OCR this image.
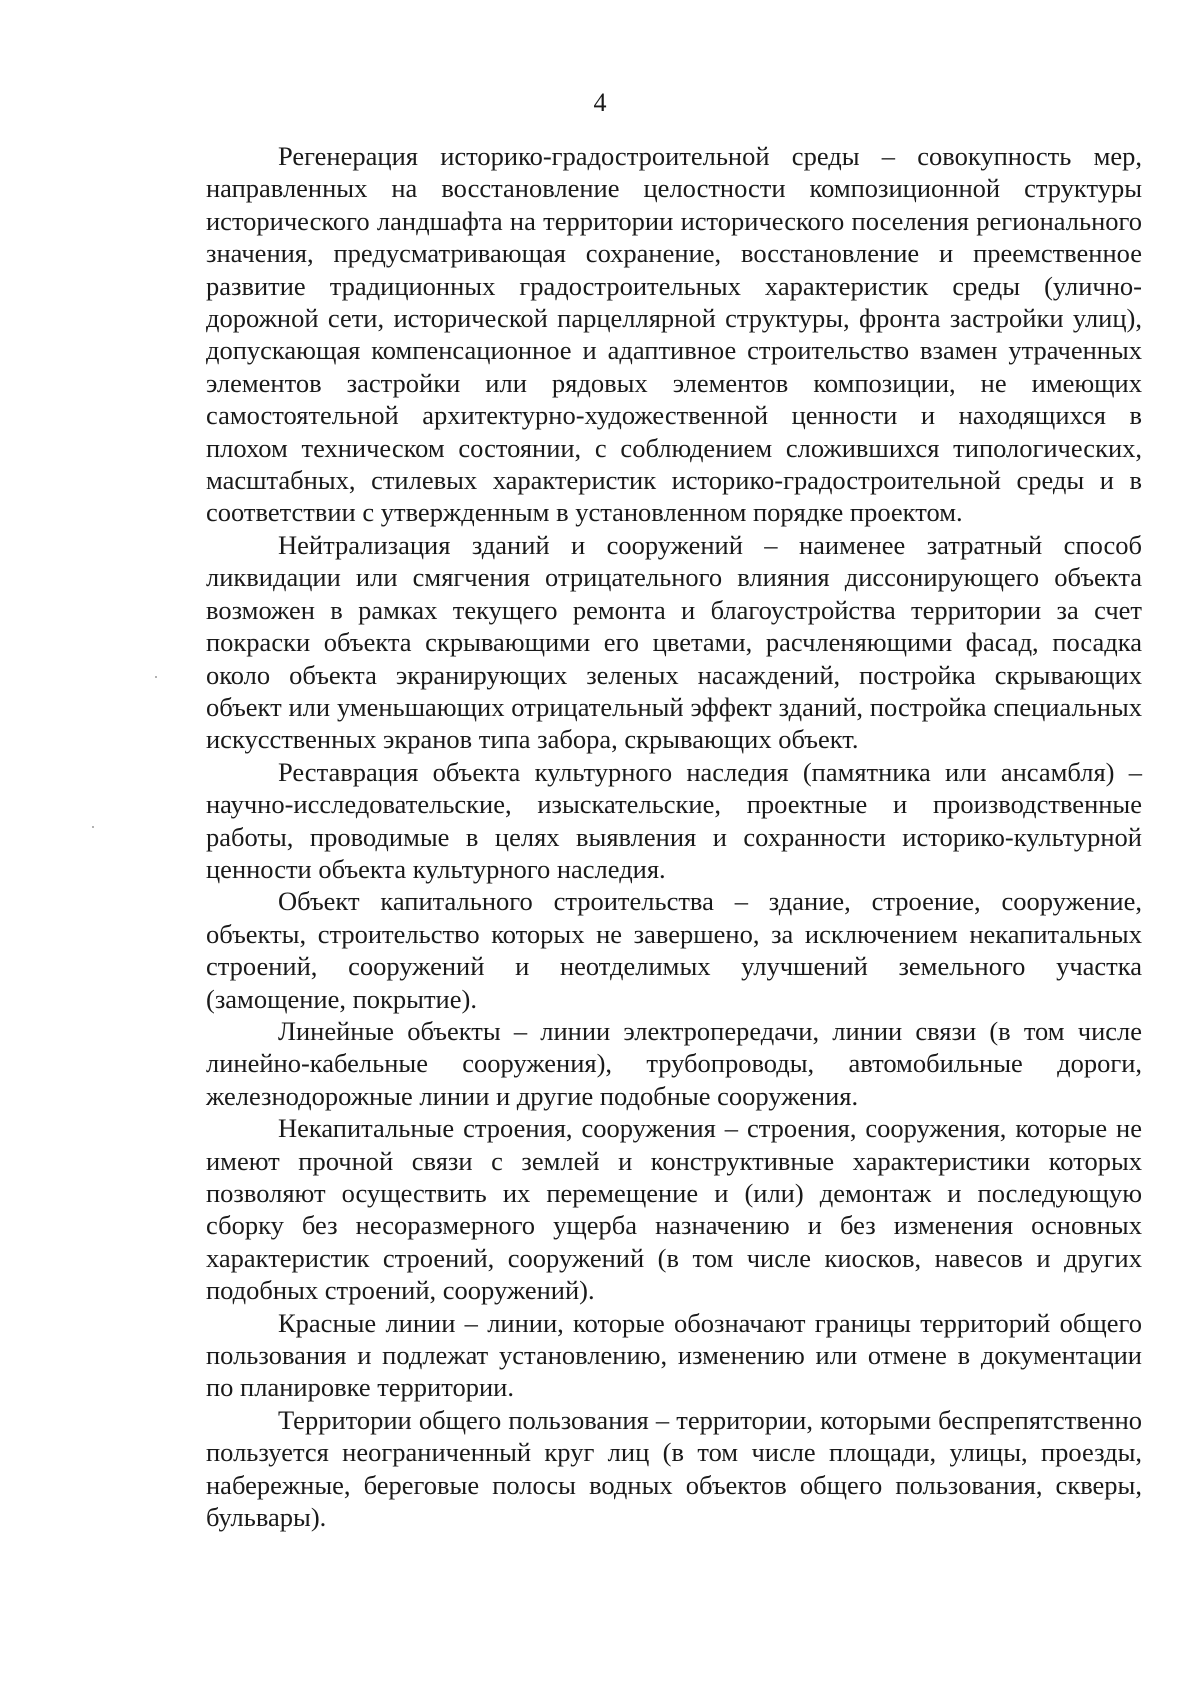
4

Регенерация историко-градостроительной среды – совокупность мер, направленных на восстановление целостности композиционной структуры исторического ландшафта на территории исторического поселения регионального значения, предусматривающая сохранение, восстановление и преемственное развитие традиционных градостроительных характеристик среды (улично-дорожной сети, исторической парцеллярной структуры, фронта застройки улиц), допускающая компенсационное и адаптивное строительство взамен утраченных элементов застройки или рядовых элементов композиции, не имеющих самостоятельной архитектурно-художественной ценности и находящихся в плохом техническом состоянии, с соблюдением сложившихся типологических, масштабных, стилевых характеристик историко-градостроительной среды и в соответствии с утвержденным в установленном порядке проектом.

Нейтрализация зданий и сооружений – наименее затратный способ ликвидации или смягчения отрицательного влияния диссонирующего объекта возможен в рамках текущего ремонта и благоустройства территории за счет покраски объекта скрывающими его цветами, расчленяющими фасад, посадка около объекта экранирующих зеленых насаждений, постройка скрывающих объект или уменьшающих отрицательный эффект зданий, постройка специальных искусственных экранов типа забора, скрывающих объект.

Реставрация объекта культурного наследия (памятника или ансамбля) – научно-исследовательские, изыскательские, проектные и производственные работы, проводимые в целях выявления и сохранности историко-культурной ценности объекта культурного наследия.

Объект капитального строительства – здание, строение, сооружение, объекты, строительство которых не завершено, за исключением некапитальных строений, сооружений и неотделимых улучшений земельного участка (замощение, покрытие).

Линейные объекты – линии электропередачи, линии связи (в том числе линейно-кабельные сооружения), трубопроводы, автомобильные дороги, железнодорожные линии и другие подобные сооружения.

Некапитальные строения, сооружения – строения, сооружения, которые не имеют прочной связи с землей и конструктивные характеристики которых позволяют осуществить их перемещение и (или) демонтаж и последующую сборку без несоразмерного ущерба назначению и без изменения основных характеристик строений, сооружений (в том числе киосков, навесов и других подобных строений, сооружений).

Красные линии – линии, которые обозначают границы территорий общего пользования и подлежат установлению, изменению или отмене в документации по планировке территории.

Территории общего пользования – территории, которыми беспрепятственно пользуется неограниченный круг лиц (в том числе площади, улицы, проезды, набережные, береговые полосы водных объектов общего пользования, скверы, бульвары).
